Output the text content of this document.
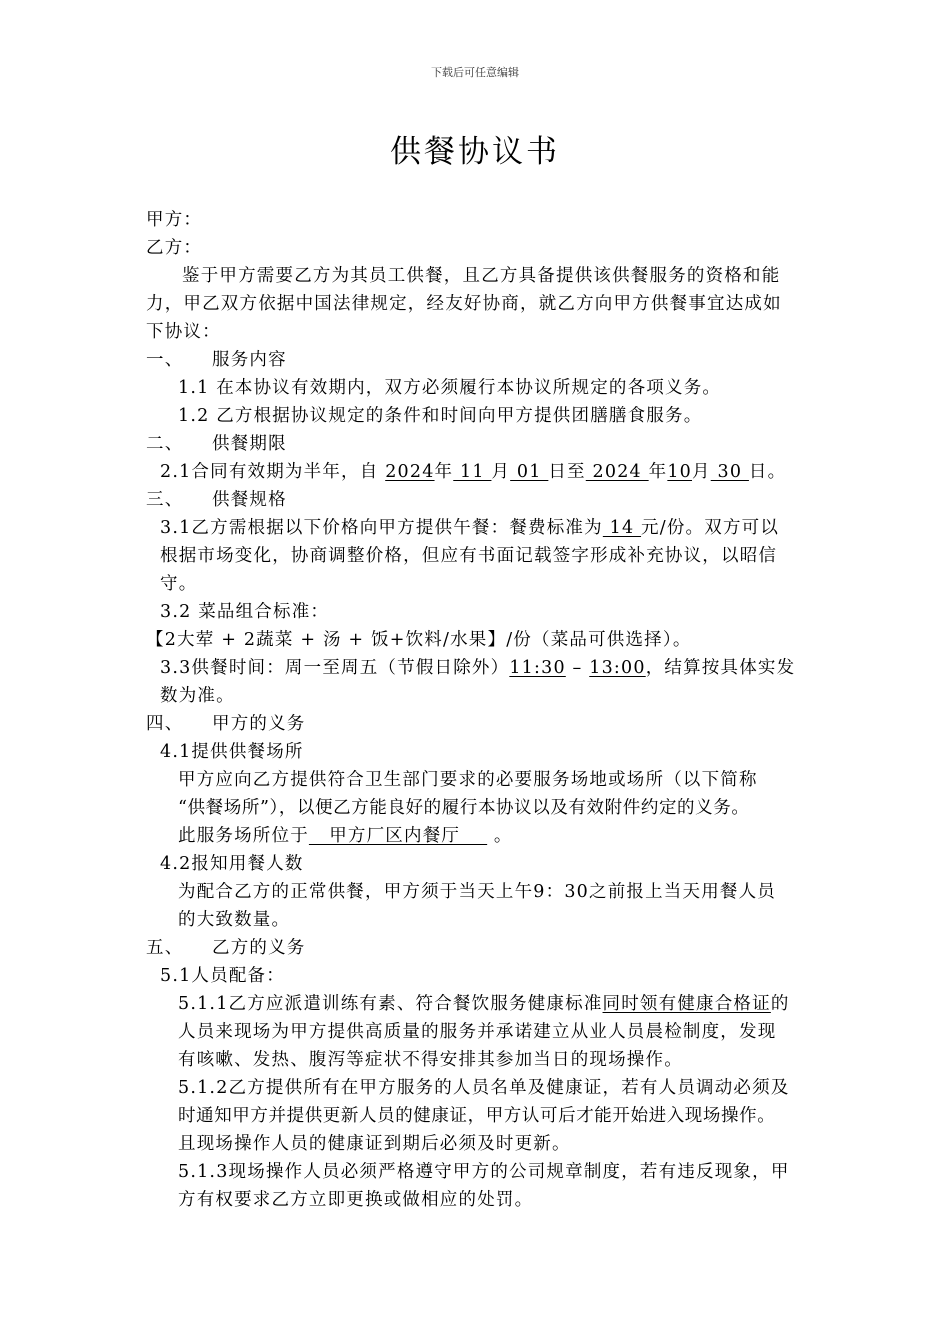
下载后可任意编辑
供餐协议书
甲方：
乙方：
鉴于甲方需要乙方为其员工供餐，且乙方具备提供该供餐服务的资格和能
力，甲乙双方依据中国法律规定，经友好协商，就乙方向甲方供餐事宜达成如
下协议：
一、 服务内容
1.1 在本协议有效期内，双方必须履行本协议所规定的各项义务。
1.2 乙方根据协议规定的条件和时间向甲方提供团膳膳食服务。
二、 供餐期限
2.1合同有效期为半年，自 2024年 11 月 01 日至 2024 年10月 30 日。
三、 供餐规格
3.1乙方需根据以下价格向甲方提供午餐：餐费标准为 14 元/份。双方可以
根据市场变化，协商调整价格，但应有书面记载签字形成补充协议，以昭信
守。
3.2 菜品组合标准：
【2大荤 + 2蔬菜 + 汤 + 饭+饮料/水果】/份（菜品可供选择）。
3.3供餐时间：周一至周五（节假日除外）11:30 – 13:00，结算按具体实发
数为准。
四、 甲方的义务
4.1提供供餐场所
甲方应向乙方提供符合卫生部门要求的必要服务场地或场所（以下简称
“供餐场所”），以便乙方能良好的履行本协议以及有效附件约定的义务。
此服务场所位于   甲方厂区内餐厅     。
4.2报知用餐人数
为配合乙方的正常供餐，甲方须于当天上午9：30之前报上当天用餐人员
的大致数量。
五、 乙方的义务
5.1人员配备：
5.1.1乙方应派遣训练有素、符合餐饮服务健康标准同时领有健康合格证的
人员来现场为甲方提供高质量的服务并承诺建立从业人员晨检制度，发现
有咳嗽、发热、腹泻等症状不得安排其参加当日的现场操作。
5.1.2乙方提供所有在甲方服务的人员名单及健康证，若有人员调动必须及
时通知甲方并提供更新人员的健康证，甲方认可后才能开始进入现场操作。
且现场操作人员的健康证到期后必须及时更新。
5.1.3现场操作人员必须严格遵守甲方的公司规章制度，若有违反现象，甲
方有权要求乙方立即更换或做相应的处罚。
